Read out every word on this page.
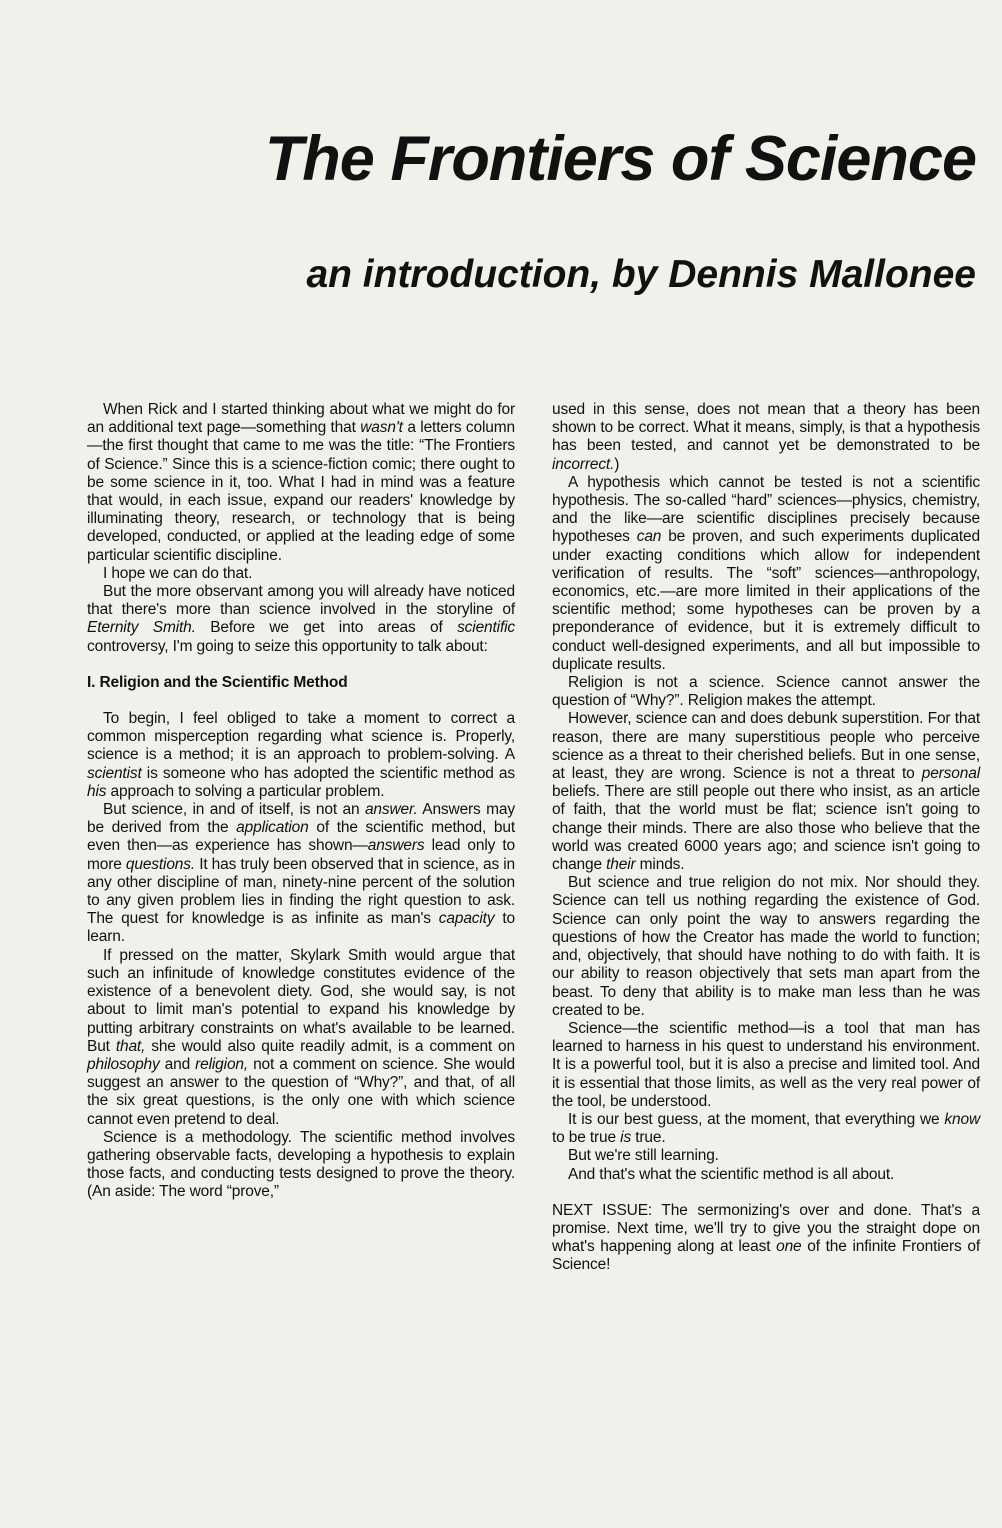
The Frontiers of Science
an introduction, by Dennis Mallonee

When Rick and I started thinking about what we might do for an additional text page—something that wasn't a letters column—the first thought that came to me was the title: “The Frontiers of Science.” Since this is a science-fiction comic; there ought to be some science in it, too. What I had in mind was a feature that would, in each issue, expand our readers' knowledge by illuminating theory, research, or technology that is being developed, conducted, or applied at the leading edge of some particular scientific discipline.

I hope we can do that.

But the more observant among you will already have noticed that there's more than science involved in the storyline of Eternity Smith. Before we get into areas of scientific controversy, I'm going to seize this opportunity to talk about:

I. Religion and the Scientific Method

To begin, I feel obliged to take a moment to correct a common misperception regarding what science is. Properly, science is a method; it is an approach to problem-solving. A scientist is someone who has adopted the scientific method as his approach to solving a particular problem.

But science, in and of itself, is not an answer. Answers may be derived from the application of the scientific method, but even then—as experience has shown—answers lead only to more questions. It has truly been observed that in science, as in any other discipline of man, ninety-nine percent of the solution to any given problem lies in finding the right question to ask. The quest for knowledge is as infinite as man's capacity to learn.

If pressed on the matter, Skylark Smith would argue that such an infinitude of knowledge constitutes evidence of the existence of a benevolent diety. God, she would say, is not about to limit man's potential to expand his knowledge by putting arbitrary constraints on what's available to be learned. But that, she would also quite readily admit, is a comment on philosophy and religion, not a comment on science. She would suggest an answer to the question of “Why?”, and that, of all the six great questions, is the only one with which science cannot even pretend to deal.

Science is a methodology. The scientific method involves gathering observable facts, developing a hypothesis to explain those facts, and conducting tests designed to prove the theory. (An aside: The word “prove,”

used in this sense, does not mean that a theory has been shown to be correct. What it means, simply, is that a hypothesis has been tested, and cannot yet be demonstrated to be incorrect.)

A hypothesis which cannot be tested is not a scientific hypothesis. The so-called “hard” sciences—physics, chemistry, and the like—are scientific disciplines precisely because hypotheses can be proven, and such experiments duplicated under exacting conditions which allow for independent verification of results. The “soft” sciences—anthropology, economics, etc.—are more limited in their applications of the scientific method; some hypotheses can be proven by a preponderance of evidence, but it is extremely difficult to conduct well-designed experiments, and all but impossible to duplicate results.

Religion is not a science. Science cannot answer the question of “Why?”. Religion makes the attempt.

However, science can and does debunk superstition. For that reason, there are many superstitious people who perceive science as a threat to their cherished beliefs. But in one sense, at least, they are wrong. Science is not a threat to personal beliefs. There are still people out there who insist, as an article of faith, that the world must be flat; science isn't going to change their minds. There are also those who believe that the world was created 6000 years ago; and science isn't going to change their minds.

But science and true religion do not mix. Nor should they. Science can tell us nothing regarding the existence of God. Science can only point the way to answers regarding the questions of how the Creator has made the world to function; and, objectively, that should have nothing to do with faith. It is our ability to reason objectively that sets man apart from the beast. To deny that ability is to make man less than he was created to be.

Science—the scientific method—is a tool that man has learned to harness in his quest to understand his environment. It is a powerful tool, but it is also a precise and limited tool. And it is essential that those limits, as well as the very real power of the tool, be understood.

It is our best guess, at the moment, that everything we know to be true is true.

But we're still learning.

And that's what the scientific method is all about.

NEXT ISSUE: The sermonizing's over and done. That's a promise. Next time, we'll try to give you the straight dope on what's happening along at least one of the infinite Frontiers of Science!
